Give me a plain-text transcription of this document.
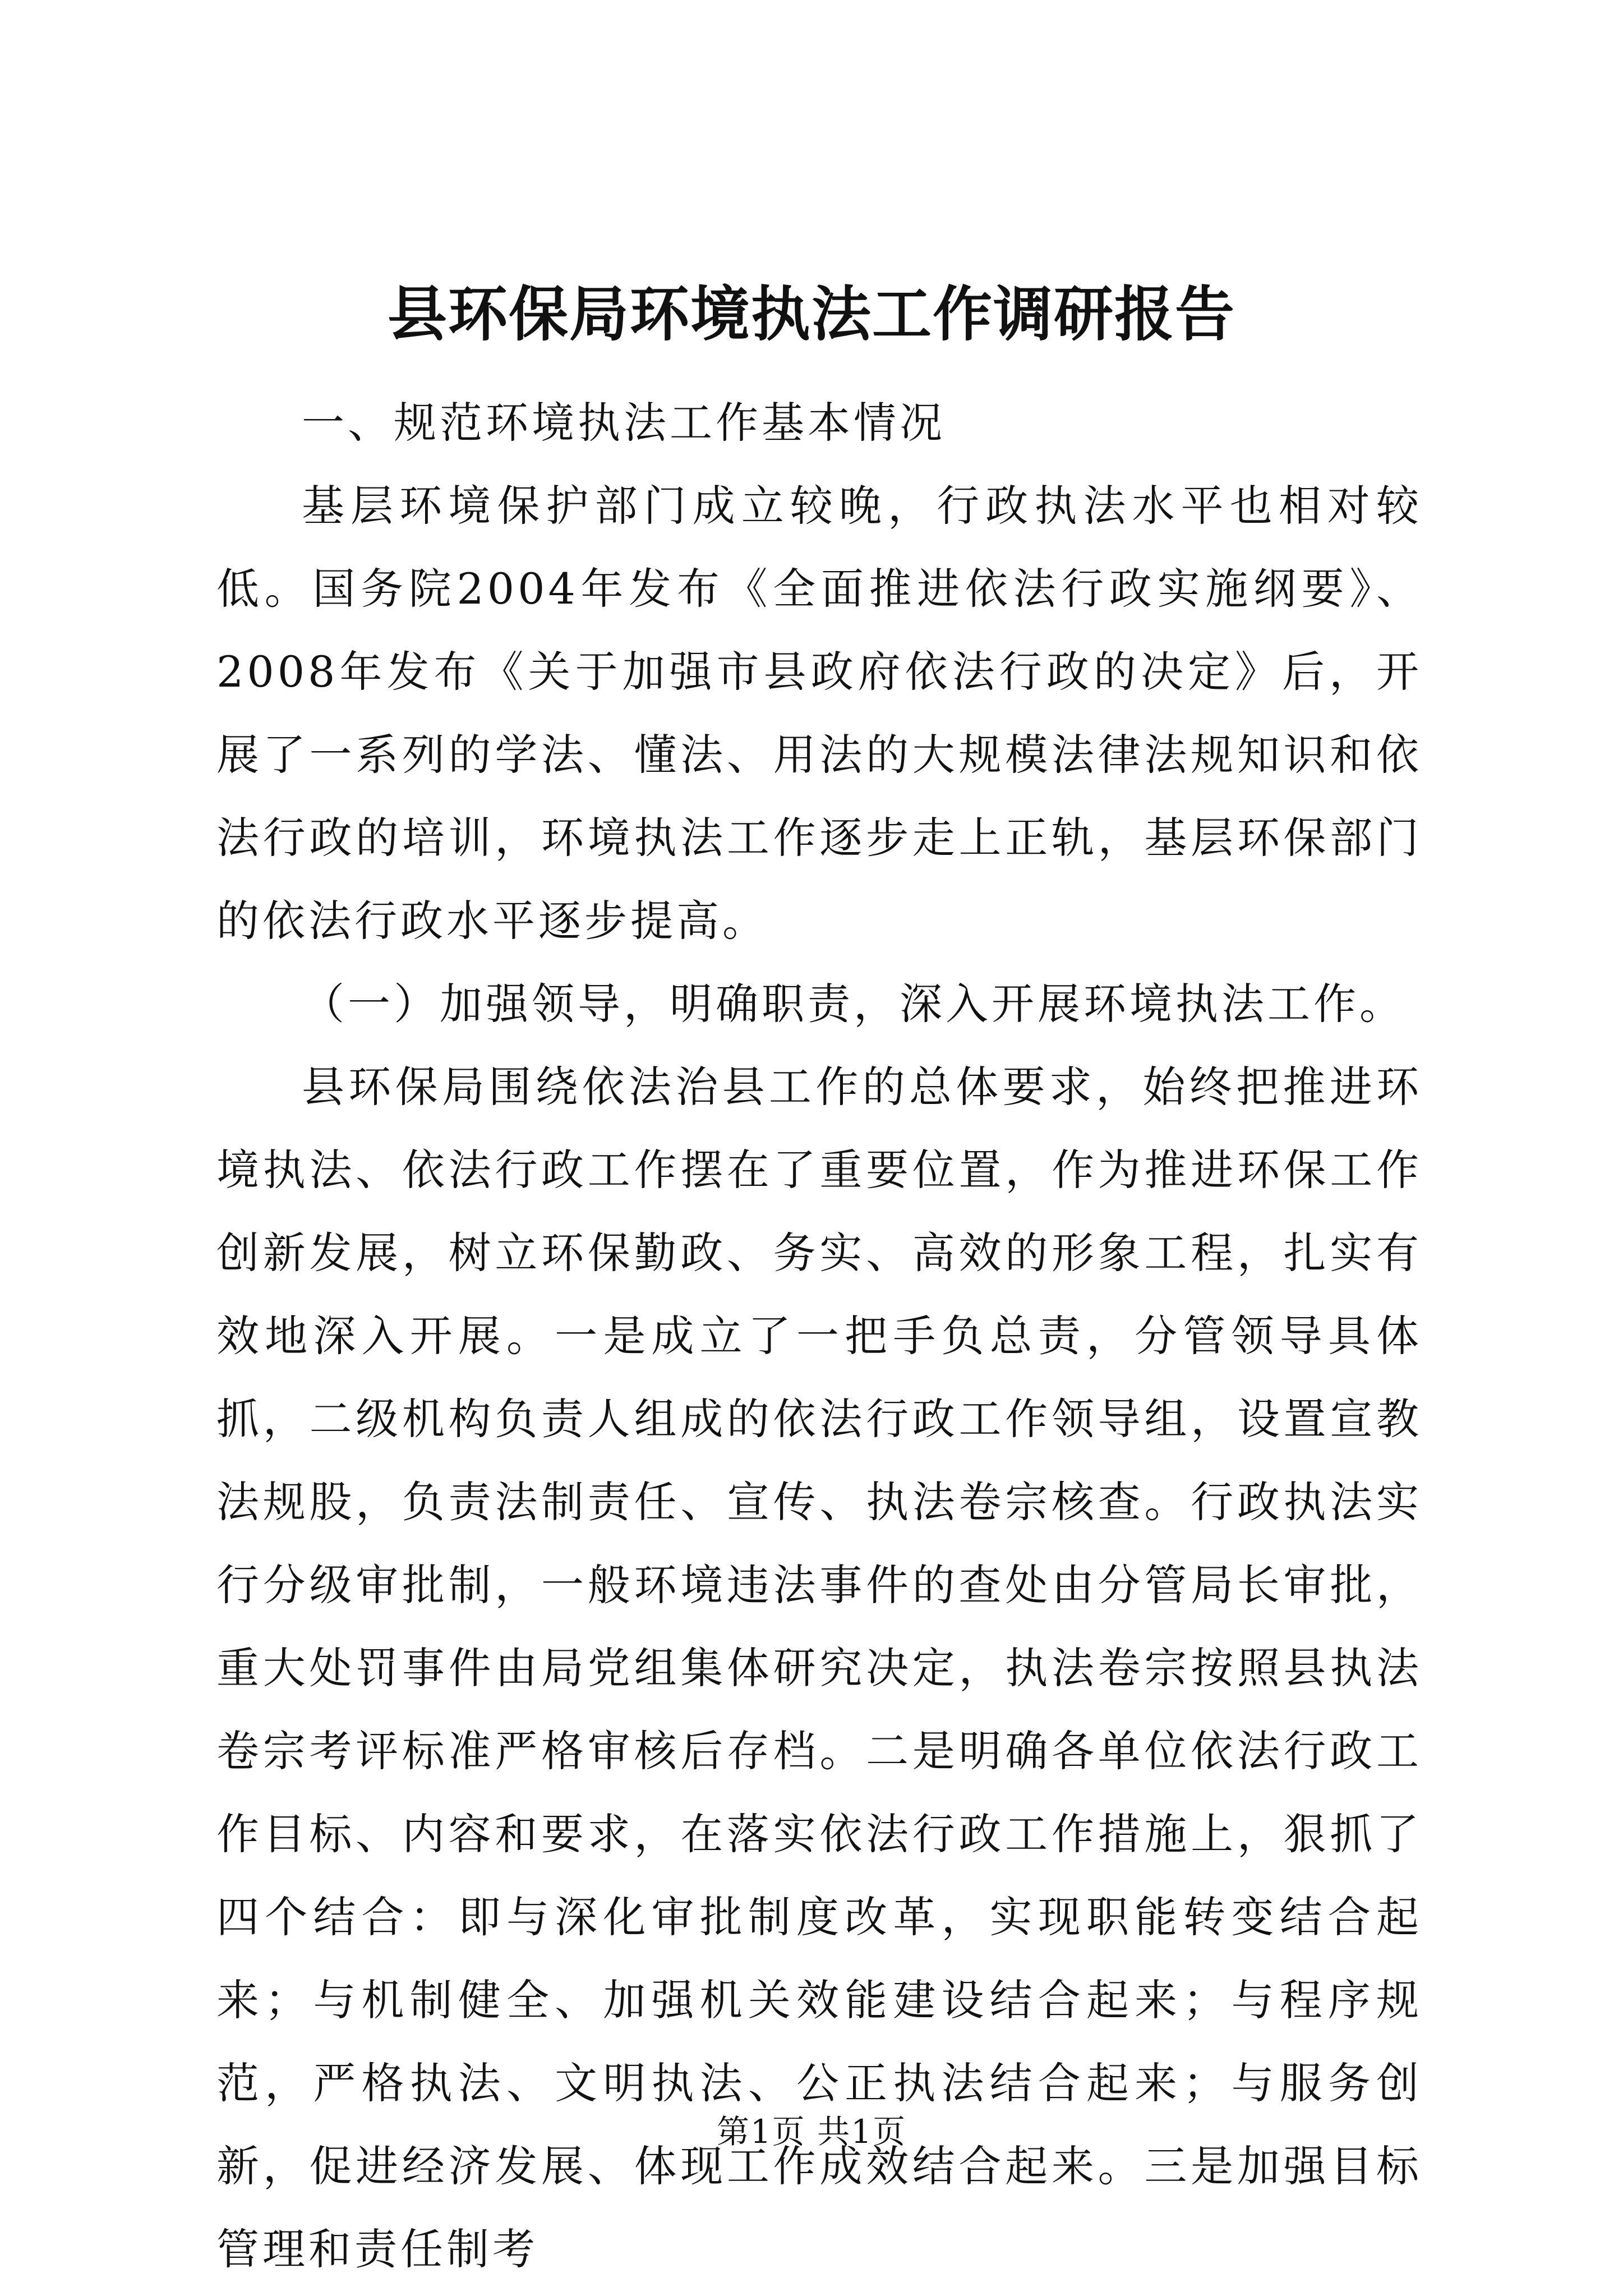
县环保局环境执法工作调研报告

一、规范环境执法工作基本情况

基层环境保护部门成立较晚，行政执法水平也相对较低。国务院2004年发布《全面推进依法行政实施纲要》、2008年发布《关于加强市县政府依法行政的决定》后，开展了一系列的学法、懂法、用法的大规模法律法规知识和依法行政的培训，环境执法工作逐步走上正轨，基层环保部门的依法行政水平逐步提高。

（一）加强领导，明确职责，深入开展环境执法工作。

县环保局围绕依法治县工作的总体要求，始终把推进环境执法、依法行政工作摆在了重要位置，作为推进环保工作创新发展，树立环保勤政、务实、高效的形象工程，扎实有效地深入开展。一是成立了一把手负总责，分管领导具体抓，二级机构负责人组成的依法行政工作领导组，设置宣教法规股，负责法制责任、宣传、执法卷宗核查。行政执法实行分级审批制，一般环境违法事件的查处由分管局长审批，重大处罚事件由局党组集体研究决定，执法卷宗按照县执法卷宗考评标准严格审核后存档。二是明确各单位依法行政工作目标、内容和要求，在落实依法行政工作措施上，狠抓了四个结合：即与深化审批制度改革，实现职能转变结合起来；与机制健全、加强机关效能建设结合起来；与程序规范，严格执法、文明执法、公正执法结合起来；与服务创新，促进经济发展、体现工作成效结合起来。三是加强目标管理和责任制考

第1页 共1页
